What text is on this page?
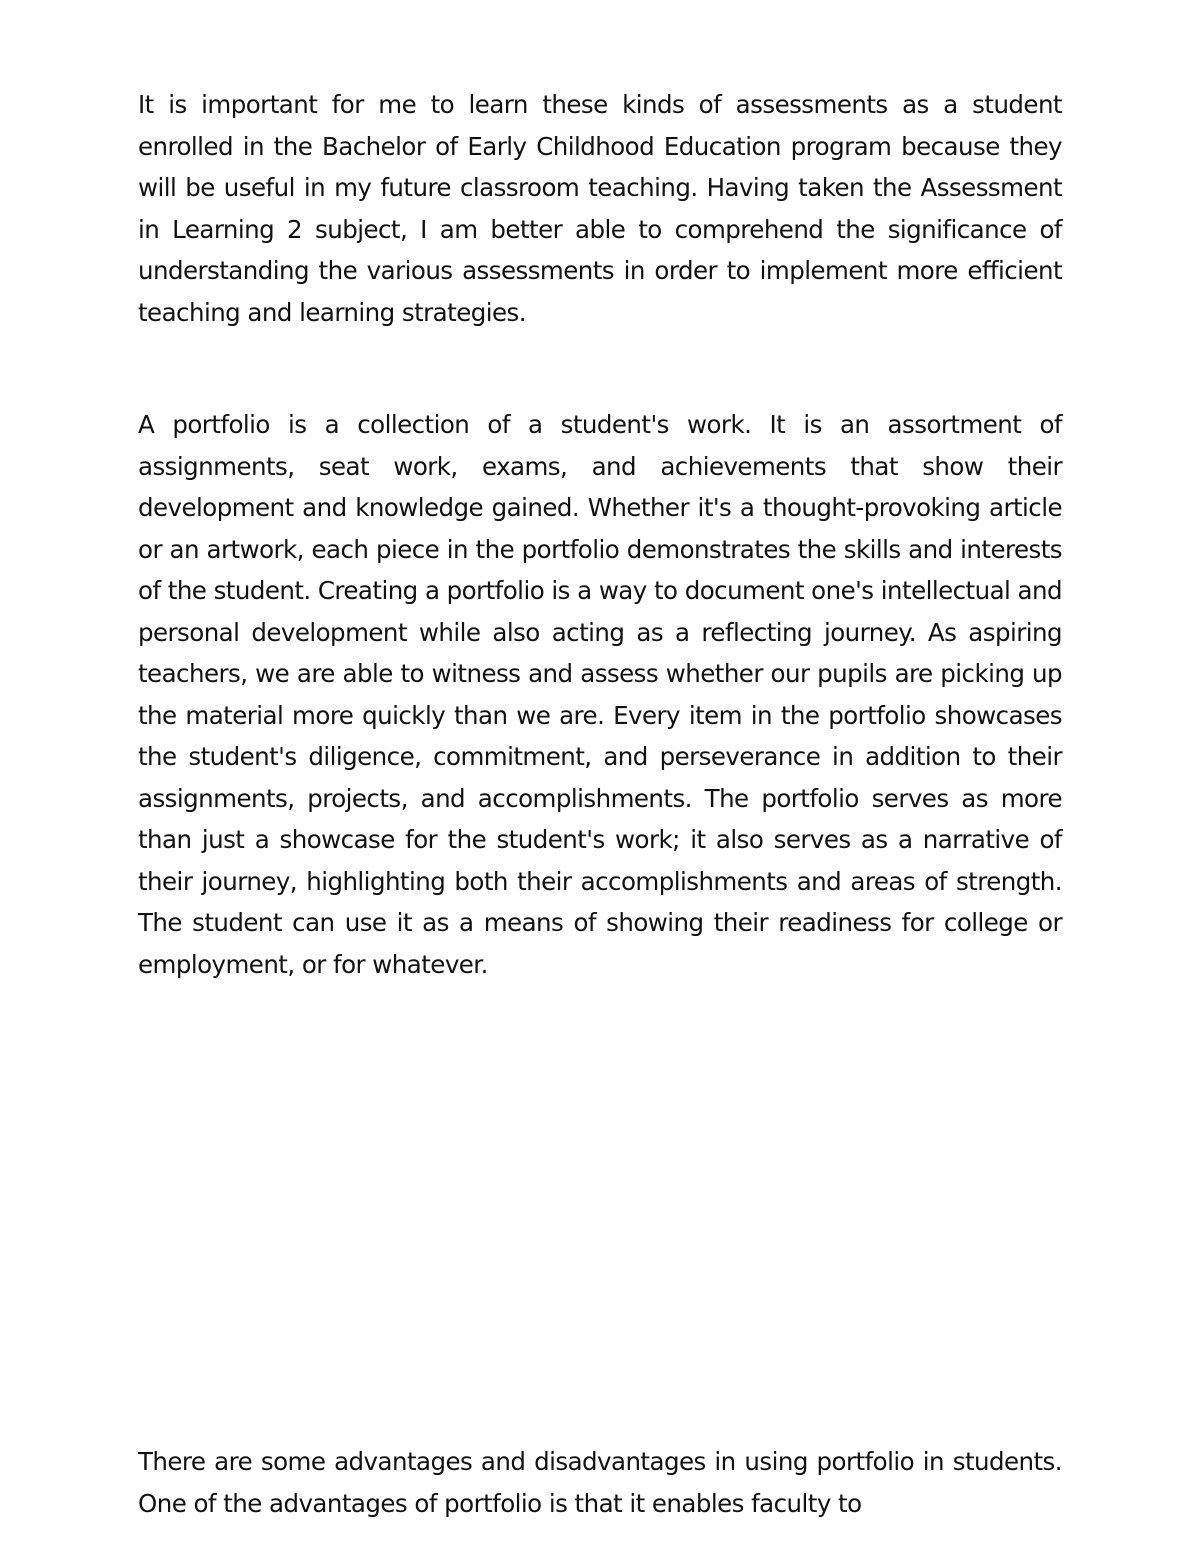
It is important for me to learn these kinds of assessments as a student enrolled in the Bachelor of Early Childhood Education program because they will be useful in my future classroom teaching. Having taken the Assessment in Learning 2 subject, I am better able to comprehend the significance of understanding the various assessments in order to implement more efficient teaching and learning strategies.

A portfolio is a collection of a student's work. It is an assortment of assignments, seat work, exams, and achievements that show their development and knowledge gained. Whether it's a thought-provoking article or an artwork, each piece in the portfolio demonstrates the skills and interests of the student. Creating a portfolio is a way to document one's intellectual and personal development while also acting as a reflecting journey. As aspiring teachers, we are able to witness and assess whether our pupils are picking up the material more quickly than we are. Every item in the portfolio showcases the student's diligence, commitment, and perseverance in addition to their assignments, projects, and accomplishments. The portfolio serves as more than just a showcase for the student's work; it also serves as a narrative of their journey, highlighting both their accomplishments and areas of strength. The student can use it as a means of showing their readiness for college or employment, or for whatever.

There are some advantages and disadvantages in using portfolio in students. One of the advantages of portfolio is that it enables faculty to
